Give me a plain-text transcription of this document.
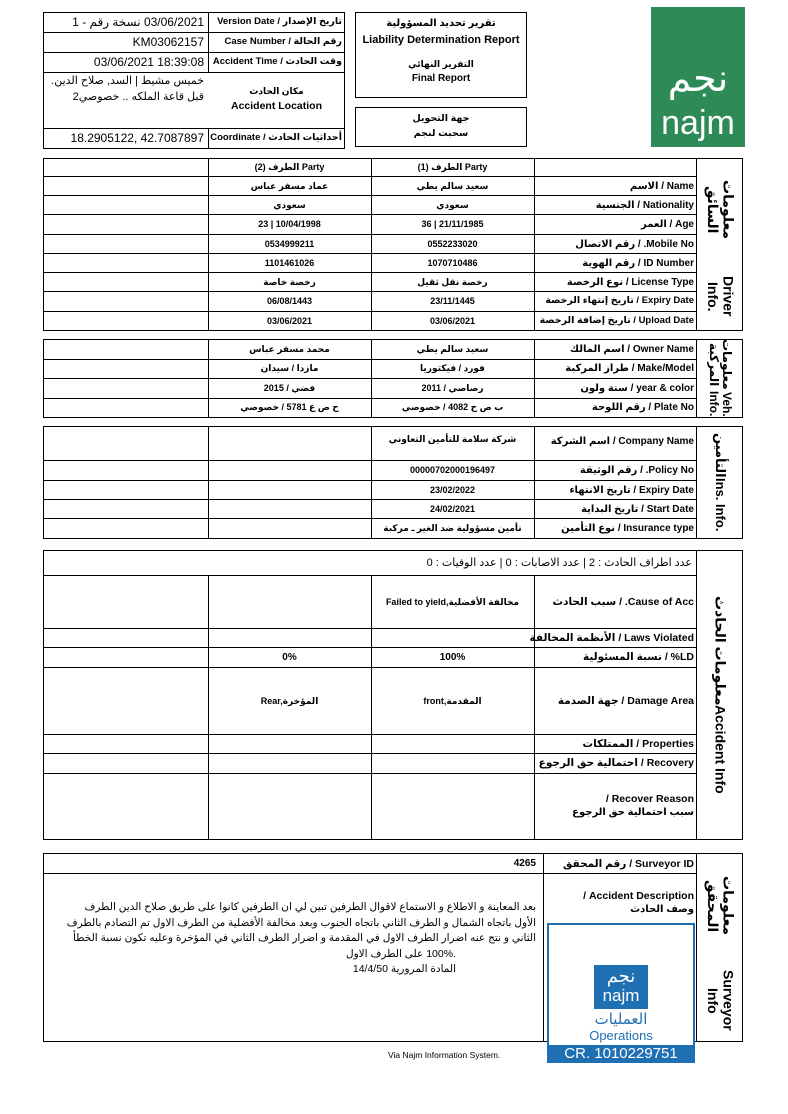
تاريخ الإصدار / Version Date
03/06/2021 نسخة رقم - 1
رقم الحالة / Case Number
KM03062157
وقت الحادث / Accident Time
03/06/2021 18:39:08
خميس مشيط | السد, صلاح الدين.
قبل قاعة الملكه .. خصوصي2	مكان الحادث
Accident Location
أحداثيات الحادث / Coordinate
18.2905122, 42.7087897
تقرير تحديد المسؤولية
Liability Determination Report
التقرير النهائي
Final Report
جهة التحويل
سحبت لنجم
نجم
najm
الطرف (1) Party
الطرف (2) Party
Name / الاسم
سعيد سالم يطي
عماد مسفر عباس
Nationality / الجنسية
سعودي
سعودي
Age / العمر
36 | 21/11/1985
23 | 10/04/1998
Mobile No. / رقم الاتصال
0552233020
0534999211
ID Number / رقم الهوية
1070710486
1101461026
License Type / نوع الرخصة
رخصة نقل ثقيل
رخصة خاصة
Expiry Date / تاريخ إنتهاء الرخصة
23/11/1445
06/08/1443
Upload Date / تاريخ إضافة الرخصة
03/06/2021
03/06/2021
معلومات السائق
Driver Info.
Owner Name / اسم المالك
سعيد سالم يطي
محمد مسفر عباس
Make/Model / طراز المركبة
فورد / فيكتوريا
مازدا / سيدان
year & color / سنة ولون
2011 / رصاصي
2015 / فضي
Plate No / رقم اللوحة
ب ص ح 4082 / خصوصي
ح ص ع 5781 / خصوصي
معلومات المركبة
Veh. Info.
Company Name / اسم الشركة
شركة سلامة للتأمين التعاوني
Policy No. / رقم الوثيقة
00000702000196497
Expiry Date / تاريخ الانتهاء
23/02/2022
Start Date / تاريخ البداية
24/02/2021
Insurance type / نوع التأمين
تأمين مسؤولية ضد الغير ـ مركبة
التأمين
Ins. Info.
عدد اطراف الحادث : 2 | عدد الاصابات : 0 | عدد الوفيات : 0
Cause of Acc. / سبب الحادث
Failed to yield,مخالفة الأفضلية
Laws Violated / الأنظمة المخالفة
LD% / نسبة المسئولية
100%
0%
Damage Area / جهة الصدمة
front,المقدمة
Rear,المؤخرة
Properties / الممتلكات
Recovery / احتمالية حق الرجوع
Recover Reason /
سبب احتمالية حق الرجوع
معلومات الحادث
Accident Info
Surveyor ID / رقم المحقق
4265
Accident Description /
وصف الحادث
بعد المعاينة و الاطلاع و الاستماع لاقوال الطرفين تبين لي ان الطرفين كانوا على طريق صلاح الدين الطرف
الأول باتجاه الشمال و الطرف الثاني باتجاه الجنوب وبعد مخالفة الأفضلية من الطرف الاول تم التصادم بالطرف
الثاني و نتج عنه اضرار الطرف الاول في المقدمة و اضرار الطرف الثاني في المؤخرة وعليه تكون نسبة الخطأ
.100% على الطرف الاول
المادة المرورية 14/4/50	نجم
najm
العمليات
Operations
CR. 1010229751
معلومات المحقق
Surveyor Info
Via Najm Information System.
